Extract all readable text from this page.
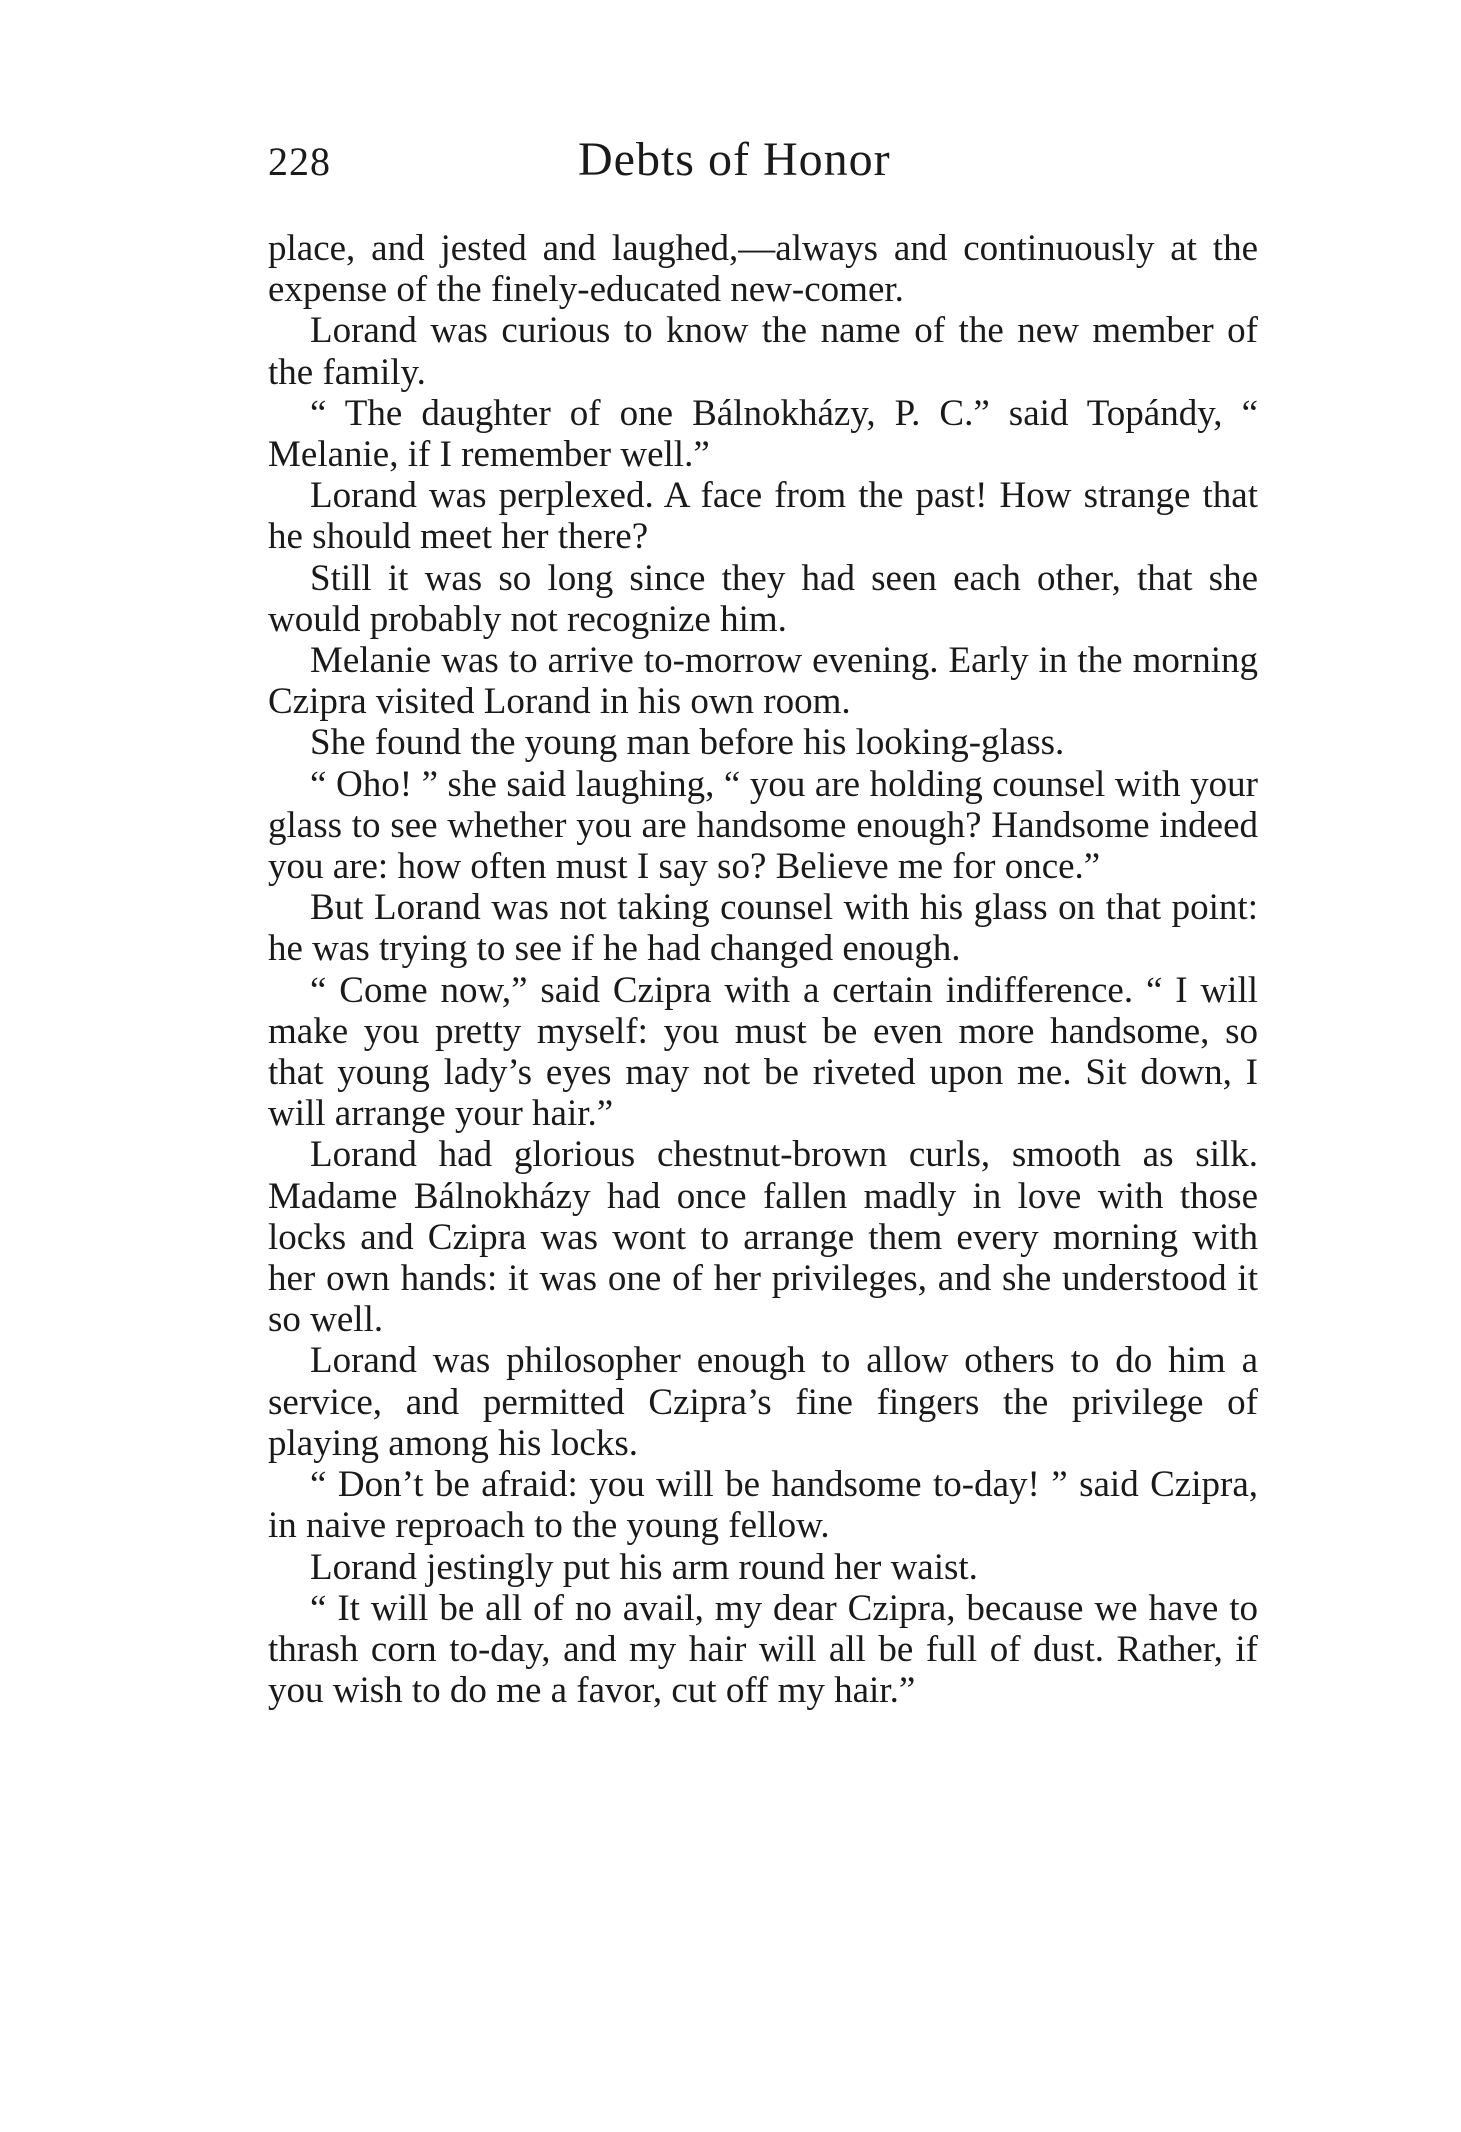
228	Debts of Honor

place, and jested and laughed,—always and continuously at the expense of the finely-educated new-comer.

Lorand was curious to know the name of the new member of the family.

“ The daughter of one Bálnokházy, P. C.” said Topándy, “ Melanie, if I remember well.”

Lorand was perplexed. A face from the past! How strange that he should meet her there?

Still it was so long since they had seen each other, that she would probably not recognize him.

Melanie was to arrive to-morrow evening. Early in the morning Czipra visited Lorand in his own room.

She found the young man before his looking-glass.

“ Oho! ” she said laughing, “ you are holding counsel with your glass to see whether you are handsome enough? Handsome indeed you are: how often must I say so? Believe me for once.”

But Lorand was not taking counsel with his glass on that point: he was trying to see if he had changed enough.

“ Come now,” said Czipra with a certain indifference. “ I will make you pretty myself: you must be even more handsome, so that young lady’s eyes may not be riveted upon me. Sit down, I will arrange your hair.”

Lorand had glorious chestnut-brown curls, smooth as silk. Madame Bálnokházy had once fallen madly in love with those locks and Czipra was wont to arrange them every morning with her own hands: it was one of her privileges, and she understood it so well.

Lorand was philosopher enough to allow others to do him a service, and permitted Czipra’s fine fingers the privilege of playing among his locks.

“ Don’t be afraid: you will be handsome to-day! ” said Czipra, in naive reproach to the young fellow.

Lorand jestingly put his arm round her waist.

“ It will be all of no avail, my dear Czipra, because we have to thrash corn to-day, and my hair will all be full of dust. Rather, if you wish to do me a favor, cut off my hair.”
